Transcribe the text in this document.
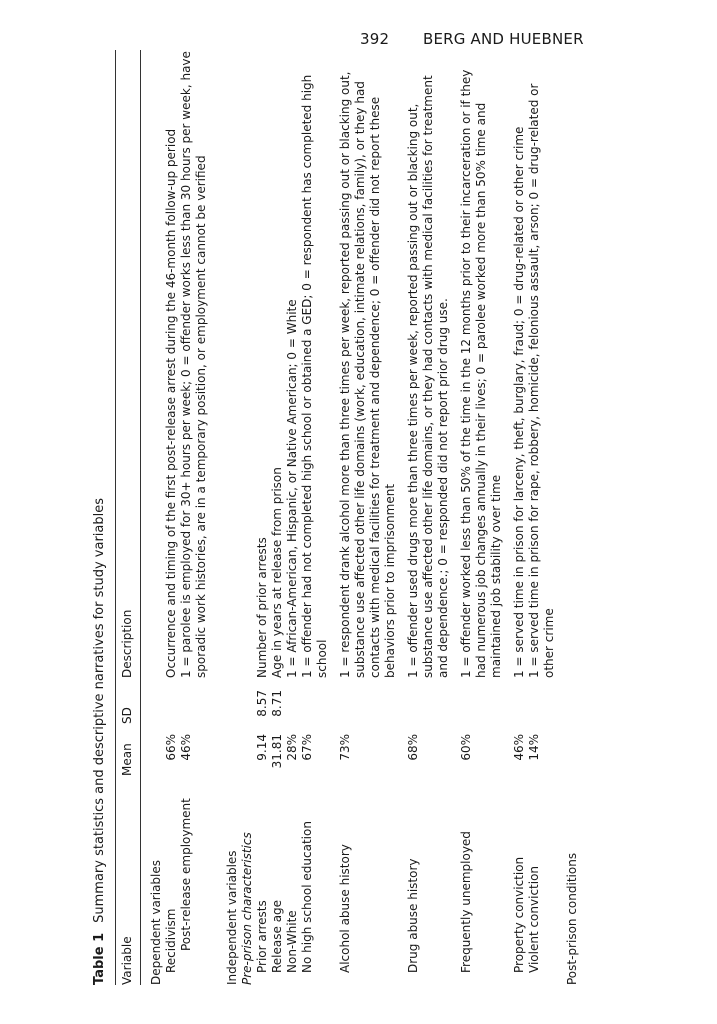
392 BERG AND HUEBNER
Table 1Summary statistics and descriptive narratives for study variables
Variable	Mean	SD	Description
Dependent variables			
Recidivism	66%		Occurrence and timing of the first post-release arrest during the 46-month follow-up period
Post-release employment	46%		1 = parolee is employed for 30+ hours per week; 0 = offender works less than 30 hours per week, have sporadic work histories, are in a temporary position, or employment cannot be verified

Independent variables			
Pre-prison characteristics			
Prior arrests	9.14	8.57	Number of prior arrests
Release age	31.81	8.71	Age in years at release from prison
Non-White	28%		1 = African-American, Hispanic, or Native American; 0 = White
No high school education	67%		1 = offender had not completed high school or obtained a GED; 0 = respondent has completed high school

Alcohol abuse history	73%		1 = respondent drank alcohol more than three times per week, reported passing out or blacking out, substance use affected other life domains (work, education, intimate relations, family), or they had contacts with medical facilities for treatment and dependence; 0 = offender did not report these behaviors prior to imprisonment

Drug abuse history	68%		1 = offender used drugs more than three times per week, reported passing out or blacking out, substance use affected other life domains, or they had contacts with medical facilities for treatment and dependence.; 0 = responded did not report prior drug use.

Frequently unemployed	60%		1 = offender worked less than 50% of the time in the 12 months prior to their incarceration or if they had numerous job changes annually in their lives; 0 = parolee worked more than 50% time and maintained job stability over time

Property conviction	46%		1 = served time in prison for larceny, theft, burglary, fraud; 0 = drug-related or other crime
Violent conviction	14%		1 = served time in prison for rape, robbery, homicide, felonious assault, arson; 0 = drug-related or other crime

Post-prison conditions			
